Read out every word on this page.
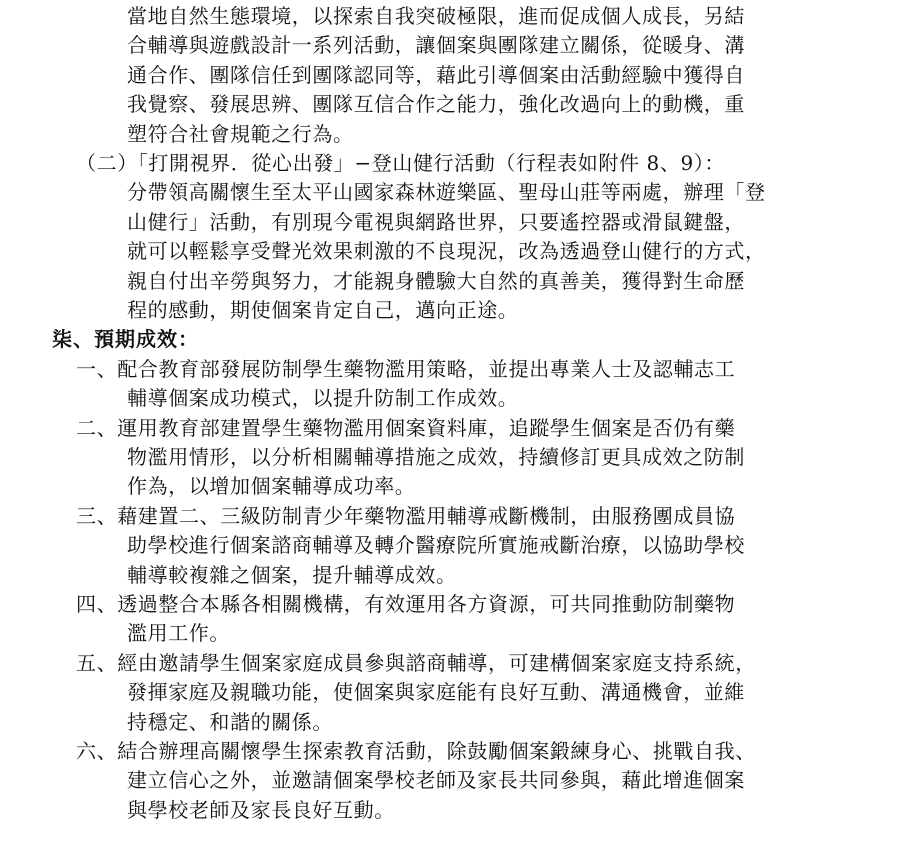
當地自然生態環境，以探索自我突破極限，進而促成個人成長，另結
合輔導與遊戲設計一系列活動，讓個案與團隊建立關係，從暖身、溝
通合作、團隊信任到團隊認同等，藉此引導個案由活動經驗中獲得自
我覺察、發展思辨、團隊互信合作之能力，強化改過向上的動機，重
塑符合社會規範之行為。
（二）「打開視界．從心出發」−登山健行活動（行程表如附件 8、9）：
分帶領高關懷生至太平山國家森林遊樂區、聖母山莊等兩處，辦理「登
山健行」活動，有別現今電視與網路世界，只要遙控器或滑鼠鍵盤，
就可以輕鬆享受聲光效果刺激的不良現況，改為透過登山健行的方式，
親自付出辛勞與努力，才能親身體驗大自然的真善美，獲得對生命歷
程的感動，期使個案肯定自己，邁向正途。
柒、預期成效：
一、配合教育部發展防制學生藥物濫用策略，並提出專業人士及認輔志工
輔導個案成功模式，以提升防制工作成效。
二、運用教育部建置學生藥物濫用個案資料庫，追蹤學生個案是否仍有藥
物濫用情形，以分析相關輔導措施之成效，持續修訂更具成效之防制
作為，以增加個案輔導成功率。
三、藉建置二、三級防制青少年藥物濫用輔導戒斷機制，由服務團成員協
助學校進行個案諮商輔導及轉介醫療院所實施戒斷治療，以協助學校
輔導較複雜之個案，提升輔導成效。
四、透過整合本縣各相關機構，有效運用各方資源，可共同推動防制藥物
濫用工作。
五、經由邀請學生個案家庭成員參與諮商輔導，可建構個案家庭支持系統，
發揮家庭及親職功能，使個案與家庭能有良好互動、溝通機會，並維
持穩定、和諧的關係。
六、結合辦理高關懷學生探索教育活動，除鼓勵個案鍛練身心、挑戰自我、
建立信心之外，並邀請個案學校老師及家長共同參與，藉此增進個案
與學校老師及家長良好互動。
